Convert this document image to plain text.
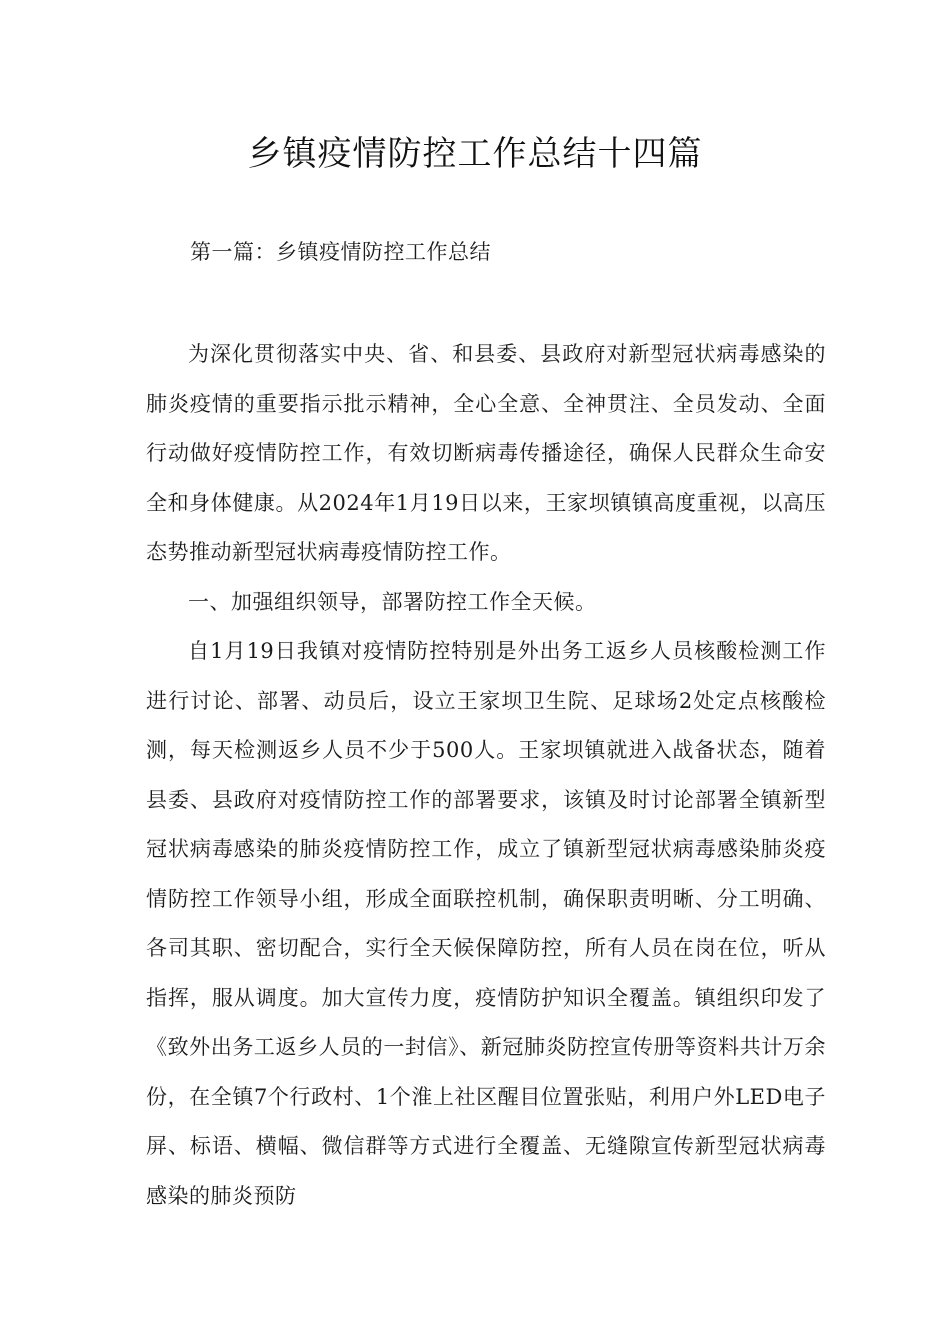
乡镇疫情防控工作总结十四篇
第一篇：乡镇疫情防控工作总结

为深化贯彻落实中央、省、和县委、县政府对新型冠状病毒感染的肺炎疫情的重要指示批示精神，全心全意、全神贯注、全员发动、全面行动做好疫情防控工作，有效切断病毒传播途径，确保人民群众生命安全和身体健康。从2024年1月19日以来，王家坝镇镇高度重视，以高压态势推动新型冠状病毒疫情防控工作。

一、加强组织领导，部署防控工作全天候。

自1月19日我镇对疫情防控特别是外出务工返乡人员核酸检测工作进行讨论、部署、动员后，设立王家坝卫生院、足球场2处定点核酸检测，每天检测返乡人员不少于500人。王家坝镇就进入战备状态，随着县委、县政府对疫情防控工作的部署要求，该镇及时讨论部署全镇新型冠状病毒感染的肺炎疫情防控工作，成立了镇新型冠状病毒感染肺炎疫情防控工作领导小组，形成全面联控机制，确保职责明晰、分工明确、各司其职、密切配合，实行全天候保障防控，所有人员在岗在位，听从指挥，服从调度。加大宣传力度，疫情防护知识全覆盖。镇组织印发了《致外出务工返乡人员的一封信》、新冠肺炎防控宣传册等资料共计万余份，在全镇7个行政村、1个淮上社区醒目位置张贴，利用户外LED电子屏、标语、横幅、微信群等方式进行全覆盖、无缝隙宣传新型冠状病毒感染的肺炎预防
